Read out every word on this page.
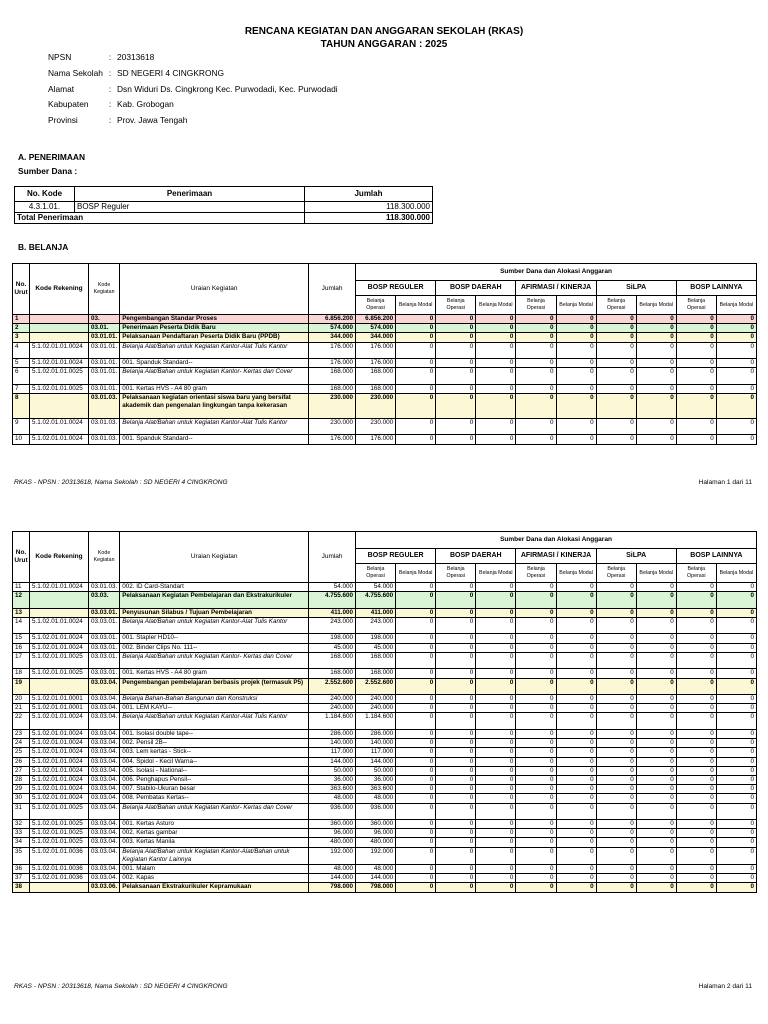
RENCANA KEGIATAN DAN ANGGARAN SEKOLAH (RKAS)
TAHUN ANGGARAN : 2025
NPSN	: 20313618
Nama Sekolah : SD NEGERI 4 CINGKRONG
Alamat	: Dsn Widuri Ds. Cingkrong Kec. Purwodadi, Kec. Purwodadi
Kabupaten	: Kab. Grobogan
Provinsi	: Prov. Jawa Tengah
A. PENERIMAAN
Sumber Dana :
No. Kode	Penerimaan	Jumlah
4.3.1.01.	BOSP Reguler	118.300.000
Total Penerimaan		118.300.000
B. BELANJA
No. Urut	Kode Rekening	Kode Kegiatan	Uraian Kegiatan	Jumlah	Sumber Dana dan Alokasi Anggaran									
					BOSP REGULER		BOSP DAERAH		AFIRMASI / KINERJA		SiLPA		BOSP LAINNYA	
					Belanja Operasi	Belanja Modal	Belanja Operasi	Belanja Modal	Belanja Operasi	Belanja Modal	Belanja Operasi	Belanja Modal	Belanja Operasi	Belanja Modal
1		03.	Pengembangan Standar Proses	6.856.200	6.856.200	0	0	0	0	0	0	0	0	0
2		03.01.	Penerimaan Peserta Didik Baru	574.000	574.000	0	0	0	0	0	0	0	0	0
3		03.01.01.	Pelaksanaan Pendaftaran Peserta Didik Baru (PPDB)	344.000	344.000	0	0	0	0	0	0	0	0	0
4	5.1.02.01.01.0024	03.01.01.	Belanja Alat/Bahan untuk Kegiatan Kantor-Alat Tulis Kantor	176.000	176.000	0	0	0	0	0	0	0	0	0
5	5.1.02.01.01.0024	03.01.01.	001. Spanduk Standard--	176.000	176.000	0	0	0	0	0	0	0	0	0
6	5.1.02.01.01.0025	03.01.01.	Belanja Alat/Bahan untuk Kegiatan Kantor- Kertas dan Cover	168.000	168.000	0	0	0	0	0	0	0	0	0
7	5.1.02.01.01.0025	03.01.01.	001. Kertas HVS - A4 80 gram	168.000	168.000	0	0	0	0	0	0	0	0	0
8		03.01.03.	Pelaksanaan kegiatan orientasi siswa baru yang bersifat akademik dan pengenalan lingkungan tanpa kekerasan	230.000	230.000	0	0	0	0	0	0	0	0	0
9	5.1.02.01.01.0024	03.01.03.	Belanja Alat/Bahan untuk Kegiatan Kantor-Alat Tulis Kantor	230.000	230.000	0	0	0	0	0	0	0	0	0
10	5.1.02.01.01.0024	03.01.03.	001. Spanduk Standard--	176.000	176.000	0	0	0	0	0	0	0	0	0
RKAS - NPSN : 20313618, Nama Sekolah : SD NEGERI 4 CINGKRONG	Halaman 1 dari 11
No. Urut	Kode Rekening	Kode Kegiatan	Uraian Kegiatan	Jumlah	Sumber Dana dan Alokasi Anggaran									
					BOSP REGULER		BOSP DAERAH		AFIRMASI / KINERJA		SiLPA		BOSP LAINNYA	
					Belanja Operasi	Belanja Modal	Belanja Operasi	Belanja Modal	Belanja Operasi	Belanja Modal	Belanja Operasi	Belanja Modal	Belanja Operasi	Belanja Modal
11	5.1.02.01.01.0024	03.01.03.	002. ID Card-Standart	54.000	54.000	0	0	0	0	0	0	0	0	0
12		03.03.	Pelaksanaan Kegiatan Pembelajaran dan Ekstrakurikuler	4.755.600	4.755.600	0	0	0	0	0	0	0	0	0
13		03.03.01.	Penyusunan Silabus / Tujuan Pembelajaran	411.000	411.000	0	0	0	0	0	0	0	0	0
14	5.1.02.01.01.0024	03.03.01.	Belanja Alat/Bahan untuk Kegiatan Kantor-Alat Tulis Kantor	243.000	243.000	0	0	0	0	0	0	0	0	0
15	5.1.02.01.01.0024	03.03.01.	001. Stapler HD10--	198.000	198.000	0	0	0	0	0	0	0	0	0
16	5.1.02.01.01.0024	03.03.01.	002. Binder Clips No. 111--	45.000	45.000	0	0	0	0	0	0	0	0	0
17	5.1.02.01.01.0025	03.03.01.	Belanja Alat/Bahan untuk Kegiatan Kantor- Kertas dan Cover	168.000	168.000	0	0	0	0	0	0	0	0	0
18	5.1.02.01.01.0025	03.03.01.	001. Kertas HVS - A4 80 gram	168.000	168.000	0	0	0	0	0	0	0	0	0
19		03.03.04.	Pengembangan pembelajaran berbasis projek (termasuk P5)	2.552.600	2.552.600	0	0	0	0	0	0	0	0	0
20	5.1.02.01.01.0001	03.03.04.	Belanja Bahan-Bahan Bangunan dan Konstruksi	240.000	240.000	0	0	0	0	0	0	0	0	0
21	5.1.02.01.01.0001	03.03.04.	001. LEM KAYU--	240.000	240.000	0	0	0	0	0	0	0	0	0
22	5.1.02.01.01.0024	03.03.04.	Belanja Alat/Bahan untuk Kegiatan Kantor-Alat Tulis Kantor	1.184.600	1.184.600	0	0	0	0	0	0	0	0	0
23	5.1.02.01.01.0024	03.03.04.	001. Isolasi double tape--	286.000	286.000	0	0	0	0	0	0	0	0	0
24	5.1.02.01.01.0024	03.03.04.	002. Pensil 2B--	140.000	140.000	0	0	0	0	0	0	0	0	0
25	5.1.02.01.01.0024	03.03.04.	003. Lem kertas - Stick--	117.000	117.000	0	0	0	0	0	0	0	0	0
26	5.1.02.01.01.0024	03.03.04.	004. Spidol - Kecil Warna--	144.000	144.000	0	0	0	0	0	0	0	0	0
27	5.1.02.01.01.0024	03.03.04.	005. Isolasi - National--	50.000	50.000	0	0	0	0	0	0	0	0	0
28	5.1.02.01.01.0024	03.03.04.	006. Penghapus Pensil--	36.000	36.000	0	0	0	0	0	0	0	0	0
29	5.1.02.01.01.0024	03.03.04.	007. Stabilo-Ukuran besar	363.600	363.600	0	0	0	0	0	0	0	0	0
30	5.1.02.01.01.0024	03.03.04.	008. Pembatas Kertas--	48.000	48.000	0	0	0	0	0	0	0	0	0
31	5.1.02.01.01.0025	03.03.04.	Belanja Alat/Bahan untuk Kegiatan Kantor- Kertas dan Cover	936.000	936.000	0	0	0	0	0	0	0	0	0
32	5.1.02.01.01.0025	03.03.04.	001. Kertas Asturo	360.000	360.000	0	0	0	0	0	0	0	0	0
33	5.1.02.01.01.0025	03.03.04.	002. Kertas gambar	96.000	96.000	0	0	0	0	0	0	0	0	0
34	5.1.02.01.01.0025	03.03.04.	003. Kertas Manila	480.000	480.000	0	0	0	0	0	0	0	0	0
35	5.1.02.01.01.0036	03.03.04.	Belanja Alat/Bahan untuk Kegiatan Kantor-Alat/Bahan untuk Kegiatan Kantor Lainnya	192.000	192.000	0	0	0	0	0	0	0	0	0
36	5.1.02.01.01.0036	03.03.04.	001. Malam	48.000	48.000	0	0	0	0	0	0	0	0	0
37	5.1.02.01.01.0036	03.03.04.	002. Kapas	144.000	144.000	0	0	0	0	0	0	0	0	0
38		03.03.06.	Pelaksanaan Ekstrakurikuler Kepramukaan	798.000	798.000	0	0	0	0	0	0	0	0	0
RKAS - NPSN : 20313618, Nama Sekolah : SD NEGERI 4 CINGKRONG	Halaman 2 dari 11
